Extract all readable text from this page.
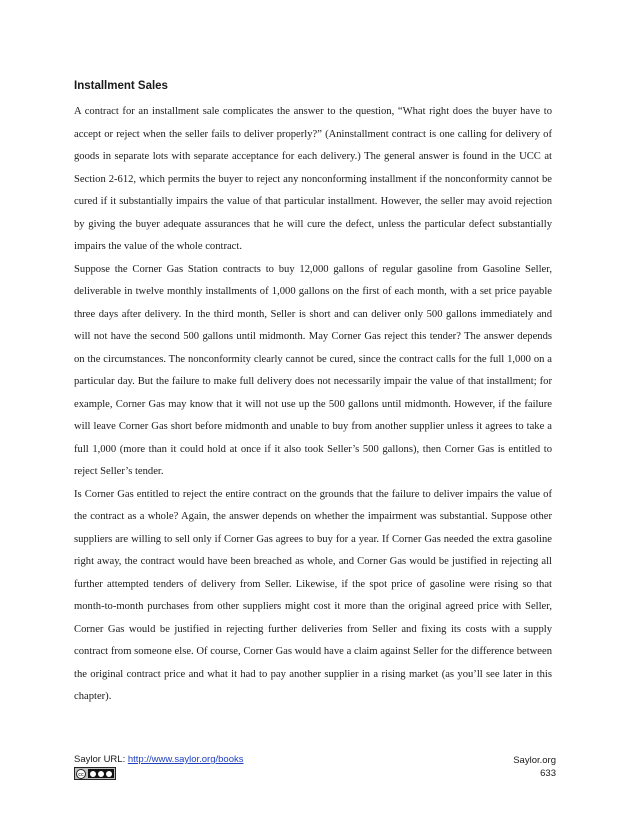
Installment Sales

A contract for an installment sale complicates the answer to the question, “What right does the buyer have to accept or reject when the seller fails to deliver properly?” (Aninstallment contract is one calling for delivery of goods in separate lots with separate acceptance for each delivery.) The general answer is found in the UCC at Section 2-612, which permits the buyer to reject any nonconforming installment if the nonconformity cannot be cured if it substantially impairs the value of that particular installment. However, the seller may avoid rejection by giving the buyer adequate assurances that he will cure the defect, unless the particular defect substantially impairs the value of the whole contract.

Suppose the Corner Gas Station contracts to buy 12,000 gallons of regular gasoline from Gasoline Seller, deliverable in twelve monthly installments of 1,000 gallons on the first of each month, with a set price payable three days after delivery. In the third month, Seller is short and can deliver only 500 gallons immediately and will not have the second 500 gallons until midmonth. May Corner Gas reject this tender? The answer depends on the circumstances. The nonconformity clearly cannot be cured, since the contract calls for the full 1,000 on a particular day. But the failure to make full delivery does not necessarily impair the value of that installment; for example, Corner Gas may know that it will not use up the 500 gallons until midmonth. However, if the failure will leave Corner Gas short before midmonth and unable to buy from another supplier unless it agrees to take a full 1,000 (more than it could hold at once if it also took Seller’s 500 gallons), then Corner Gas is entitled to reject Seller’s tender.

Is Corner Gas entitled to reject the entire contract on the grounds that the failure to deliver impairs the value of the contract as a whole? Again, the answer depends on whether the impairment was substantial. Suppose other suppliers are willing to sell only if Corner Gas agrees to buy for a year. If Corner Gas needed the extra gasoline right away, the contract would have been breached as whole, and Corner Gas would be justified in rejecting all further attempted tenders of delivery from Seller. Likewise, if the spot price of gasoline were rising so that month-to-month purchases from other suppliers might cost it more than the original agreed price with Seller, Corner Gas would be justified in rejecting further deliveries from Seller and fixing its costs with a supply contract from someone else. Of course, Corner Gas would have a claim against Seller for the difference between the original contract price and what it had to pay another supplier in a rising market (as you’ll see later in this chapter).

Saylor URL: http://www.saylor.org/books
cc
Saylor.org
633
